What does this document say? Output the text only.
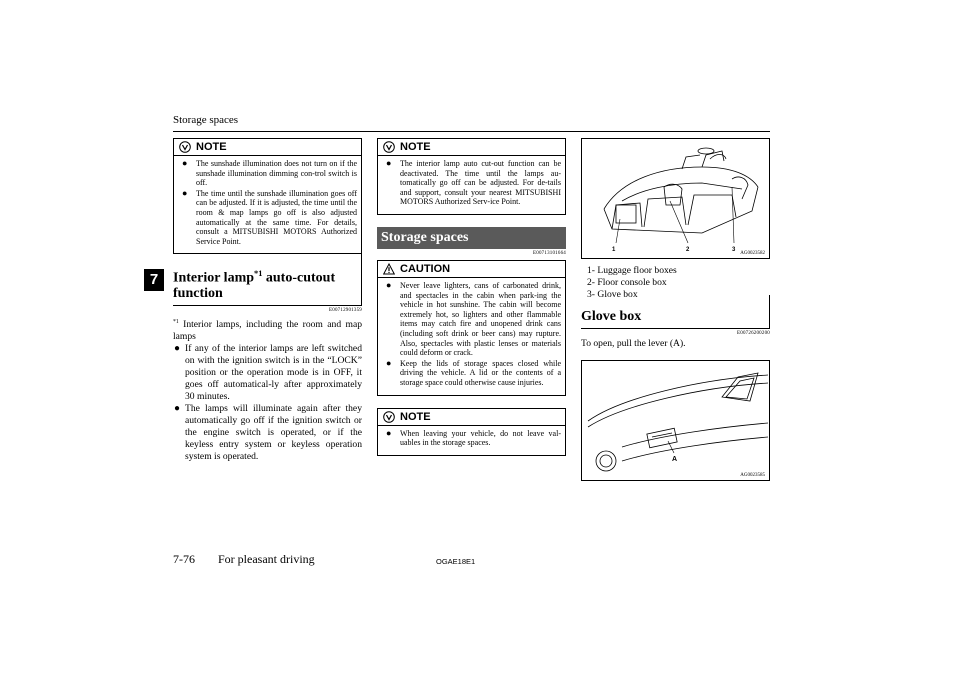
Storage spaces
7
NOTE
● The sunshade illumination does not turn on if the sunshade illumination dimming con-trol switch is off.
● The time until the sunshade illumination goes off can be adjusted. If it is adjusted, the time until the room & map lamps go off is also adjusted automatically at the same time. For details, consult a MITSUBISHI MOTORS Authorized Service Point.
Interior lamp$^{*1}$ auto-cutout function
E00712901359
$^{*1}$ Interior lamps, including the room and map lamps
● If any of the interior lamps are left switched on with the ignition switch is in the “LOCK” position or the operation mode is in OFF, it goes off automatical-ly after approximately 30 minutes.
● The lamps will illuminate again after they automatically go off if the ignition switch or the engine switch is operated, or if the keyless entry system or keyless operation system is operated.
NOTE
● The interior lamp auto cut-out function can be deactivated. The time until the lamps au-tomatically go off can be adjusted. For de-tails and support, consult your nearest MITSUBISHI MOTORS Authorized Serv-ice Point.
Storage spaces
E00713101664
CAUTION
● Never leave lighters, cans of carbonated drink, and spectacles in the cabin when park-ing the vehicle in hot sunshine. The cabin will become extremely hot, so lighters and other flammable items may catch fire and unopened drink cans (including soft drink or beer cans) may rupture. Also, spectacles with plastic lenses or materials could deform or crack.
● Keep the lids of storage spaces closed while driving the vehicle. A lid or the contents of a storage space could otherwise cause injuries.
NOTE
● When leaving your vehicle, do not leave val-uables in the storage spaces.
1	2	3
AG0023582
1- Luggage floor boxes
2- Floor console box
3- Glove box
Glove box
E00726200200
To open, pull the lever (A).
A
AG0023585
7-76 For pleasant driving	OGAE18E1
